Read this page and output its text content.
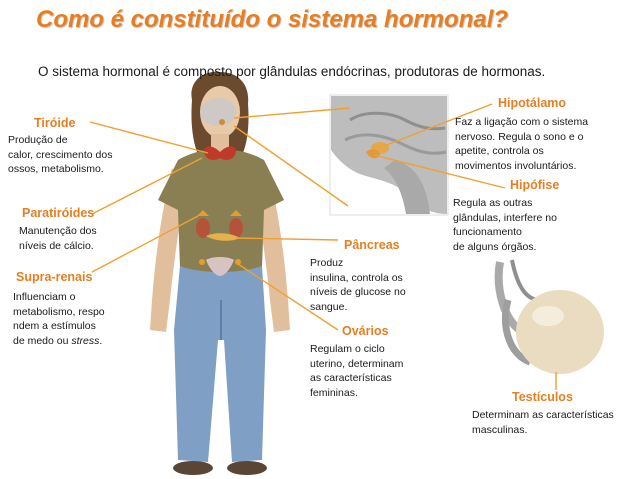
Como é constituído o sistema hormonal?
O sistema hormonal é composto por glândulas endócrinas, produtoras de hormonas.
Tiróide
Produção de
calor, crescimento dos
ossos, metabolismo.
Paratiróides
Manutenção dos
níveis de cálcio.
Supra-renais
Influenciam o
metabolismo, respo
ndem a estímulos
de medo ou stress.
Pâncreas
Produz
insulina, controla os
níveis de glucose no
sangue.
Ovários
Regulam o ciclo
uterino, determinam
as características
femininas.
Hipotálamo
Faz a ligação com o sistema
nervoso. Regula o sono e o
apetite, controla os
movimentos involuntários.
Hipófise
Regula as outras
glândulas, interfere no
funcionamento
de alguns órgãos.
Testículos
Determinam as características
masculinas.
